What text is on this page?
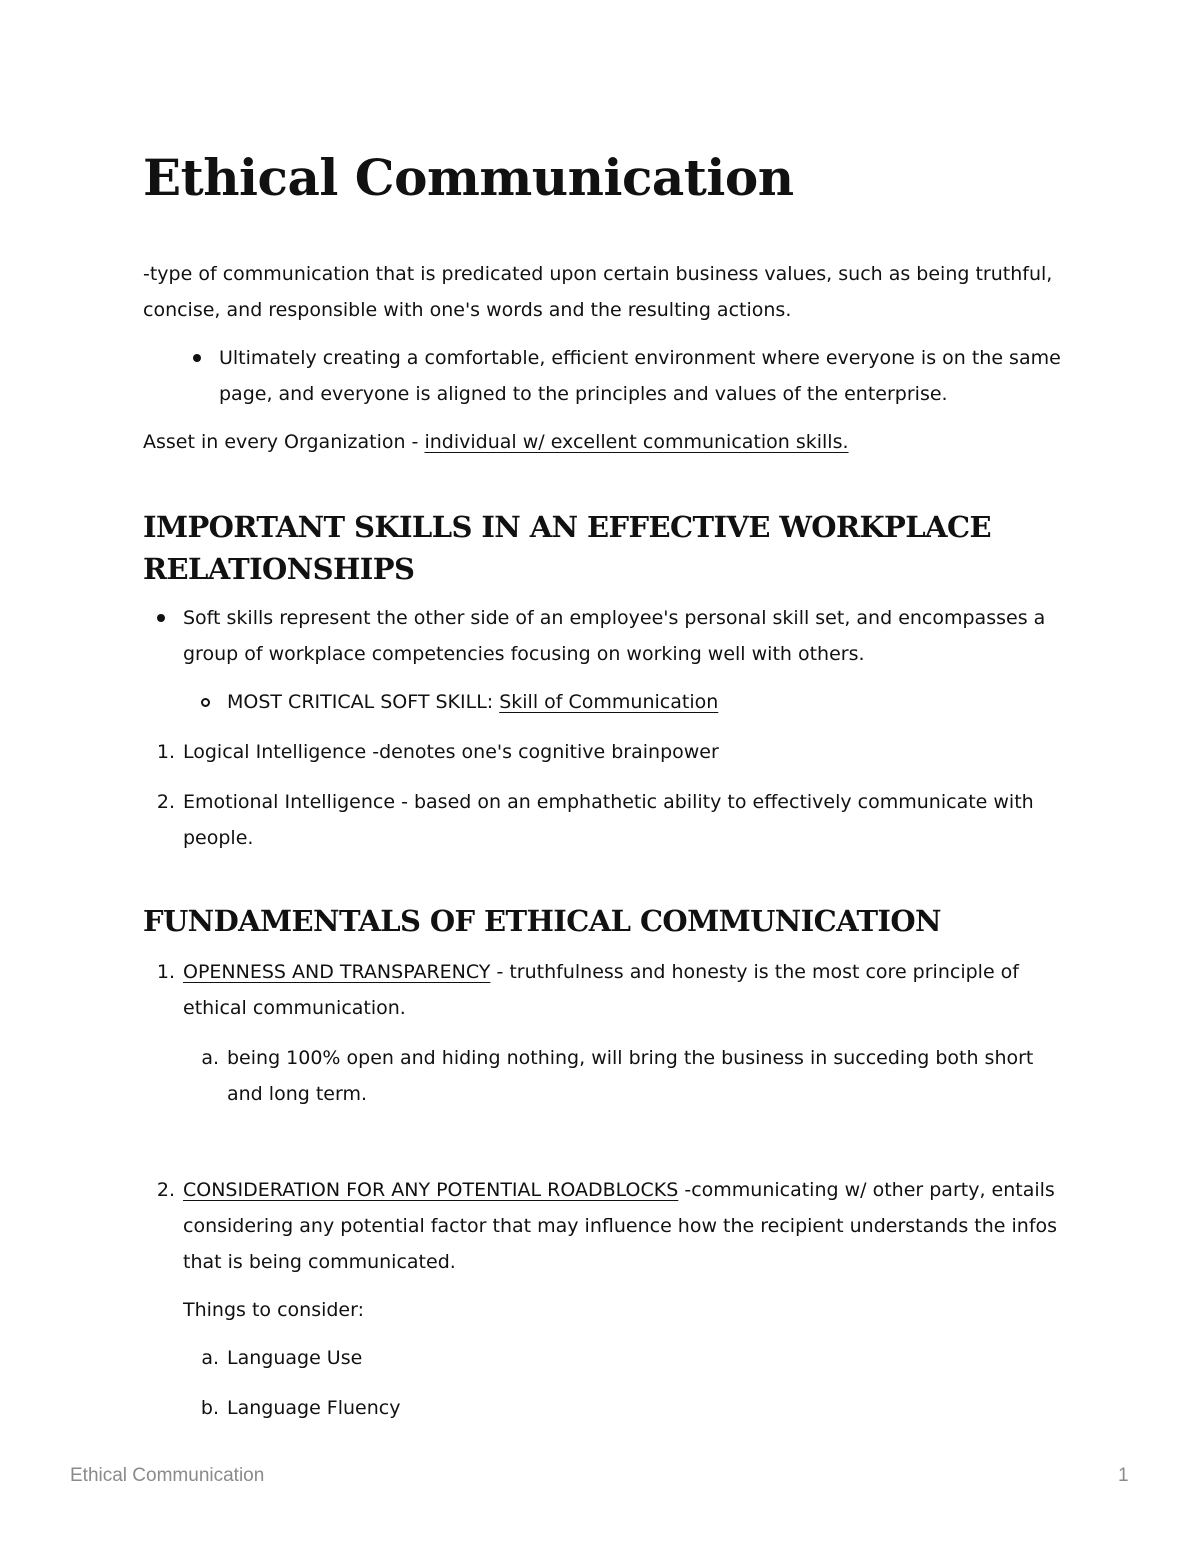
Ethical Communication

-type of communication that is predicated upon certain business values, such as being truthful, concise, and responsible with one's words and the resulting actions.

Ultimately creating a comfortable, efficient environment where everyone is on the same page, and everyone is aligned to the principles and values of the enterprise.

Asset in every Organization - individual w/ excellent communication skills.

IMPORTANT SKILLS IN AN EFFECTIVE WORKPLACE RELATIONSHIPS

Soft skills represent the other side of an employee's personal skill set, and encompasses a group of workplace competencies focusing on working well with others.

MOST CRITICAL SOFT SKILL: Skill of Communication

1. Logical Intelligence -denotes one's cognitive brainpower

2. Emotional Intelligence - based on an emphathetic ability to effectively communicate with people.

FUNDAMENTALS OF ETHICAL COMMUNICATION
1. OPENNESS AND TRANSPARENCY - truthfulness and honesty is the most core principle of ethical communication.

a. being 100% open and hiding nothing, will bring the business in succeding both short and long term.

2. CONSIDERATION FOR ANY POTENTIAL ROADBLOCKS -communicating w/ other party, entails considering any potential factor that may influence how the recipient understands the infos that is being communicated.

Things to consider:

a. Language Use

b. Language Fluency

Ethical Communication	1
